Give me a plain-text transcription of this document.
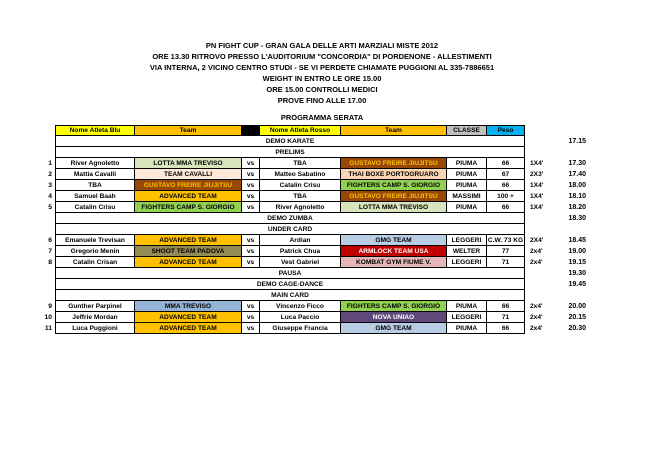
PN FIGHT CUP - GRAN GALA DELLE ARTI MARZIALI MISTE 2012
ORE 13.30 RITROVO PRESSO L'AUDITORIUM "CONCORDIA" DI PORDENONE - ALLESTIMENTI
VIA INTERNA, 2 VICINO CENTRO STUDI - SE VI PERDETE CHIAMATE PUGGIONI AL 335-7886651
WEIGHT IN ENTRO LE ORE 15.00
ORE 15.00 CONTROLLI MEDICI
PROVE FINO ALLE 17.00
PROGRAMMA SERATA
Nome Atleta Blu	Team	Nome Atleta Rosso	Team	CLASSE	Peso
DEMO KARATE	17.15
PRELIMS
1	River Agnoletto	LOTTA MMA TREVISO	vs	TBA	GUSTAVO FREIRE JIUJITSU	PIUMA	66	1X4'	17.30
2	Mattia Cavalli	TEAM CAVALLI	vs	Matteo Sabatino	THAI BOXE PORTOGRUARO	PIUMA	67	2X3'	17.40
3	TBA	GUSTAVO FREIRE JIUJITSU	vs	Catalin Crisu	FIGHTERS CAMP S. GIORGIO	PIUMA	66	1X4'	18.00
4	Samuel Baah	ADVANCED TEAM	vs	TBA	GUSTAVO FREIRE JIUJITSU	MASSIMI	100 +	1X4'	18.10
5	Catalin Crisu	FIGHTERS CAMP S. GIORGIO	vs	River Agnoletto	LOTTA MMA TREVISO	PIUMA	66	1X4'	18.20
DEMO ZUMBA	18.30
UNDER CARD
6	Emanuele Trevisan	ADVANCED TEAM	vs	Ardian	GMG TEAM	LEGGERI C.W. 73 KG	2X4'	18.45
7	Gregorio Menin	SHOOT TEAM PADOVA	vs	Patrick Chua	ARMLOCK TEAM USA	WELTER	77	2x4'	19.00
8	Catalin Crisan	ADVANCED TEAM	vs	Vest Gabriel	KOMBAT GYM FIUME V.	LEGGERI	71	2x4'	19.15
PAUSA	19.30
DEMO CAGE-DANCE	19.45
MAIN CARD
9	Gunther Parpinel	MMA TREVISO	vs	Vincenzo Ficco	FIGHTERS CAMP S. GIORGIO	PIUMA	66	2x4'	20.00
10	Jeffrie Mordan	ADVANCED TEAM	vs	Luca Paccio	NOVA UNIAO	LEGGERI	71	2x4'	20.15
11	Luca Puggioni	ADVANCED TEAM	vs	Giuseppe Francia	GMG TEAM	PIUMA	66	2x4'	20.30
